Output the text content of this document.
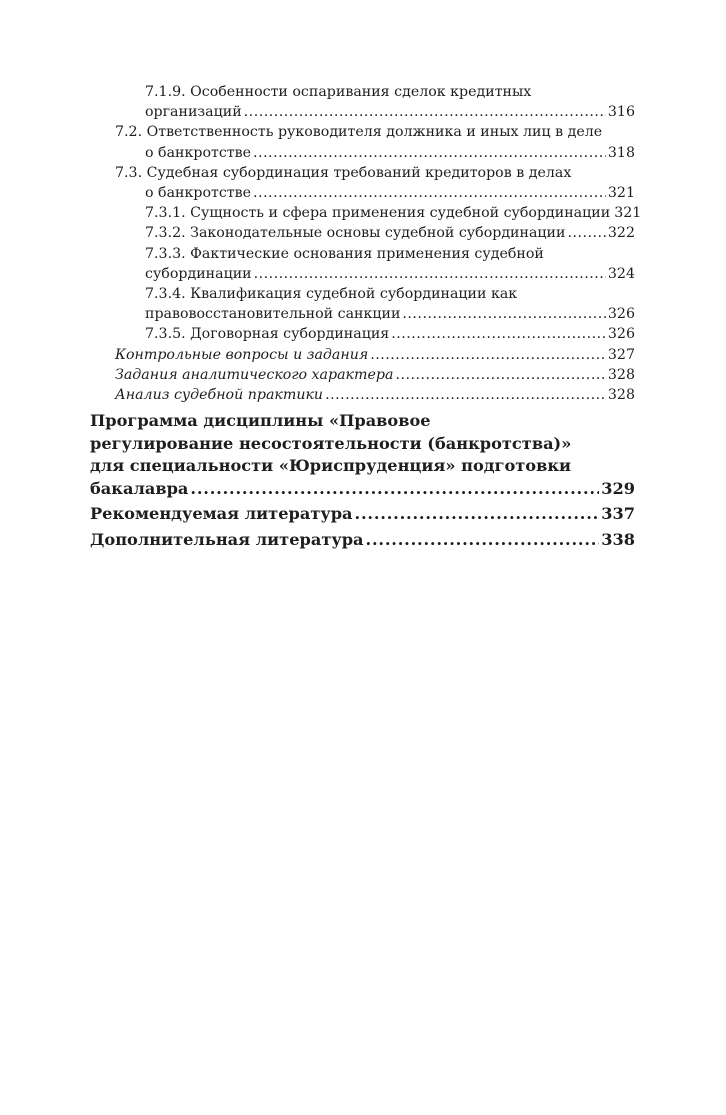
7.1.9. Особенности оспаривания сделок кредитных
организаций .....	316
7.2. Ответственность руководителя должника и иных лиц в деле
о банкротстве .....	318
7.3. Судебная субординация требований кредиторов в делах
о банкротстве .....	321
7.3.1. Сущность и сфера применения судебной субординации 321
7.3.2. Законодательные основы судебной субординации .....	322
7.3.3. Фактические основания применения судебной
субординации .....	324
7.3.4. Квалификация судебной субординации как
правовосстановительной санкции .....	326
7.3.5. Договорная субординация .....	326
Контрольные вопросы и задания .....	327
Задания аналитического характера .....	328
Анализ судебной практики .....	328
Программа дисциплины «Правовое
регулирование несостоятельности (банкротства)»
для специальности «Юриспруденция» подготовки
бакалавра .....	329
Рекомендуемая литература .....	337
Дополнительная литература .....	338
